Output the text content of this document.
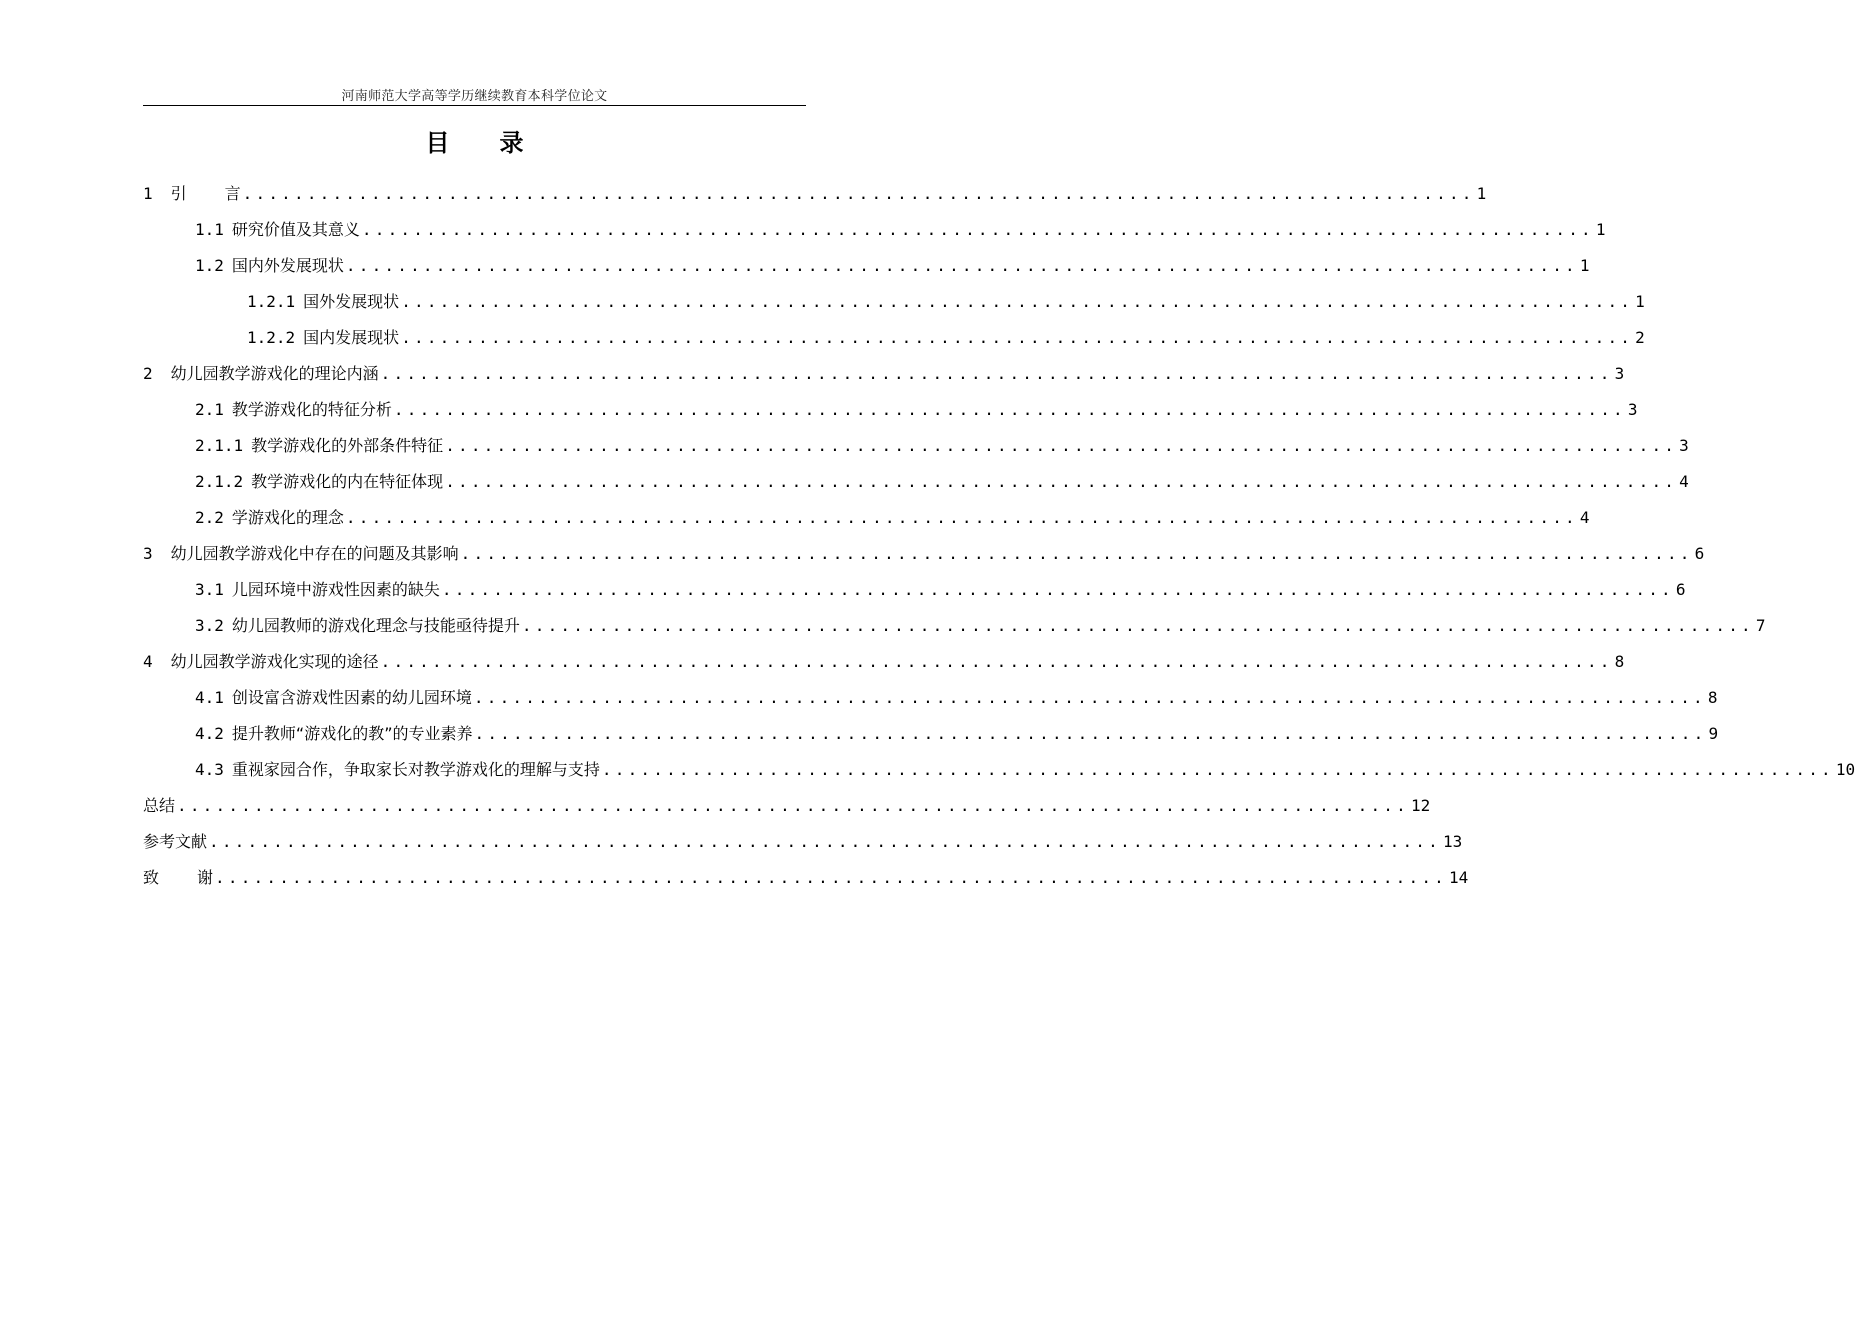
河南师范大学高等学历继续教育本科学位论文
目 录
1 引 言 ................................................................................................ 1
1.1 研究价值及其意义 ................................................................................................ 1
1.2 国内外发展现状 ................................................................................................ 1
1.2.1 国外发展现状 ................................................................................................ 1
1.2.2 国内发展现状 ................................................................................................ 2
2 幼儿园教学游戏化的理论内涵 ................................................................................................ 3
2.1 教学游戏化的特征分析 ................................................................................................ 3
2.1.1 教学游戏化的外部条件特征 ................................................................................................ 3
2.1.2 教学游戏化的内在特征体现 ................................................................................................ 4
2.2 学游戏化的理念 ................................................................................................ 4
3 幼儿园教学游戏化中存在的问题及其影响 ................................................................................................ 6
3.1 儿园环境中游戏性因素的缺失 ................................................................................................ 6
3.2 幼儿园教师的游戏化理念与技能亟待提升 ................................................................................................ 7
4 幼儿园教学游戏化实现的途径 ................................................................................................ 8
4.1 创设富含游戏性因素的幼儿园环境 ................................................................................................ 8
4.2 提升教师“游戏化的教”的专业素养 ................................................................................................ 9
4.3 重视家园合作，争取家长对教学游戏化的理解与支持 ................................................................................................ 10
总结 ................................................................................................ 12
参考文献 ................................................................................................ 13
致 谢 ................................................................................................ 14
